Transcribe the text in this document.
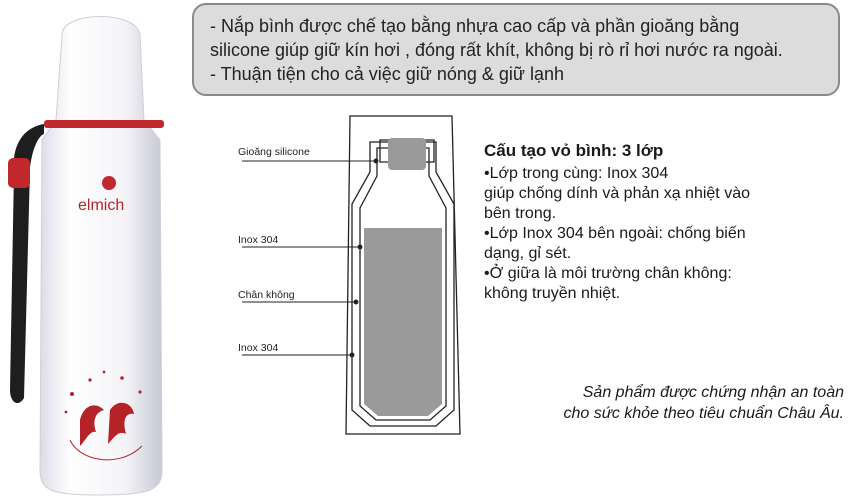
elmich

- Nắp bình được chế tạo bằng nhựa cao cấp và phần gioăng bằng

silicone giúp giữ kín hơi , đóng rất khít, không bị rò rỉ hơi nước ra ngoài.

- Thuận tiện cho cả việc giữ nóng & giữ lạnh

Gioăng silicone
Inox 304
Chân không
Inox 304

Cấu tạo vỏ bình: 3 lớp

•Lớp trong cùng: Inox 304

giúp chống dính và phản xạ nhiệt vào

bên trong.

•Lớp Inox 304 bên ngoài: chống biến

dạng, gỉ sét.

•Ở giữa là môi trường chân không:

không truyền nhiệt.

Sản phẩm được chứng nhận an toàn
cho sức khỏe theo tiêu chuẩn Châu Âu.
